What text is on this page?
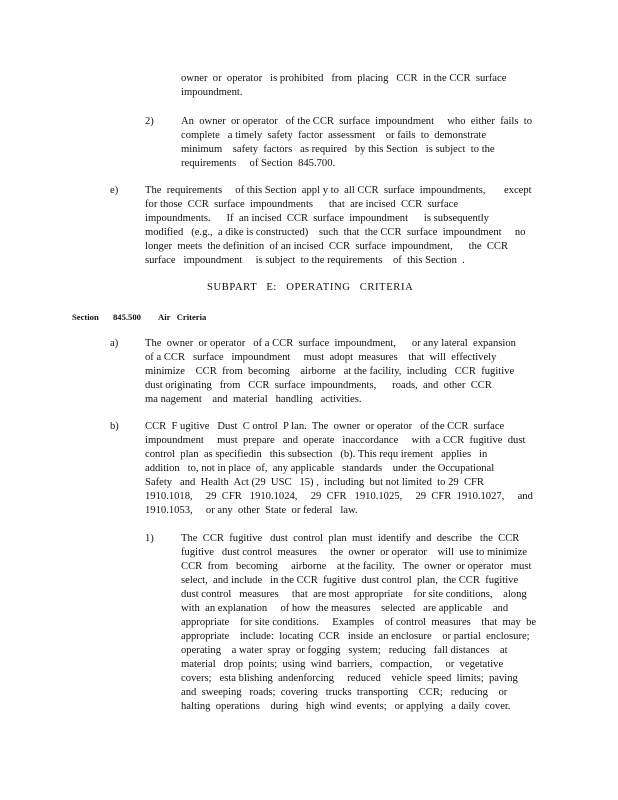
owner  or  operator   is prohibited   from  placing   CCR  in the CCR  surface
impoundment.
2)	An  owner  or operator   of the CCR  surface  impoundment     who  either  fails  to
complete   a timely  safety  factor  assessment    or fails  to  demonstrate
minimum    safety  factors   as required   by this Section   is subject  to the
requirements     of Section  845.700.
e)	The  requirements     of this Section  appl y to  all CCR  surface  impoundments,       except
for those  CCR  surface  impoundments      that  are incised  CCR  surface
impoundments.      If  an incised  CCR  surface  impoundment      is subsequently
modified   (e.g.,  a dike is constructed)    such  that  the CCR  surface  impoundment     no
longer  meets  the definition  of an incised  CCR  surface  impoundment,      the  CCR
surface   impoundment     is subject  to the requirements    of  this Section  .
SUBPART E: OPERATING CRITERIA
Section 845.500 Air   Criteria
a)	The  owner  or operator   of a CCR  surface  impoundment,      or any lateral  expansion
of a CCR   surface   impoundment     must  adopt  measures    that  will  effectively
minimize    CCR  from  becoming    airborne   at the facility,  including   CCR  fugitive
dust originating   from   CCR  surface  impoundments,      roads,  and  other  CCR
ma nagement    and  material   handling   activities.
b) CCR  F ugitive   Dust  C ontrol  P lan.  The  owner  or operator   of the CCR  surface
impoundment     must  prepare   and  operate   inaccordance     with  a CCR  fugitive  dust
control  plan  as specifiedin   this subsection   (b). This requ irement   applies   in
addition   to, not in place  of,  any applicable   standards    under  the Occupational
Safety   and  Health  Act (29  USC   15) ,  including  but not limited  to 29  CFR
1910.1018,     29  CFR   1910.1024,     29  CFR   1910.1025,     29  CFR  1910.1027,     and
1910.1053,     or any  other  State  or federal   law.
1)	The  CCR  fugitive   dust  control  plan  must  identify  and  describe   the  CCR
fugitive   dust control  measures     the  owner  or operator    will  use to minimize
CCR  from   becoming     airborne    at the facility.   The  owner  or operator   must
select,  and include   in the CCR  fugitive  dust control  plan,  the CCR  fugitive
dust control   measures     that  are most  appropriate    for site conditions,    along
with  an explanation     of how  the measures    selected   are applicable    and
appropriate    for site conditions.     Examples    of control  measures    that  may  be
appropriate    include:  locating  CCR   inside  an enclosure    or partial  enclosure;
operating    a water  spray  or fogging   system;   reducing   fall distances    at
material   drop  points;  using  wind  barriers,   compaction,     or  vegetative
covers;   esta blishing  andenforcing     reduced    vehicle  speed  limits;  paving
and  sweeping   roads;  covering   trucks  transporting    CCR;   reducing    or
halting  operations    during   high  wind  events;   or applying   a daily  cover.
